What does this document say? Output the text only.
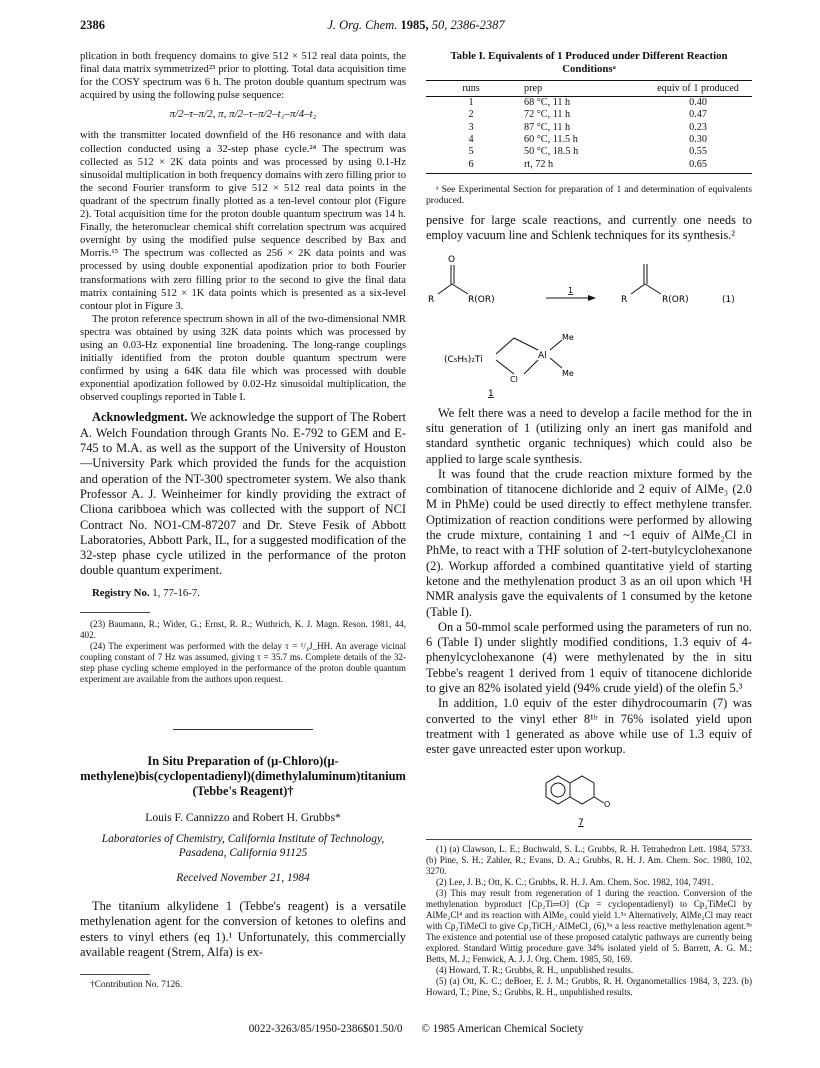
2386	J. Org. Chem. 1985, 50, 2386-2387

plication in both frequency domains to give 512 × 512 real data points, the final data matrix symmetrized²³ prior to plotting. Total data acquisition time for the COSY spectrum was 6 h. The proton double quantum spectrum was acquired by using the following pulse sequence:

π/2–τ–π/2, π, π/2–τ–π/2–t₁–π/4–t₂

with the transmitter located downfield of the H6 resonance and with data collection conducted using a 32-step phase cycle.²⁴ The spectrum was collected as 512 × 2K data points and was processed by using 0.1-Hz sinusoidal multiplication in both frequency domains with zero filling prior to the second Fourier transform to give 512 × 512 real data points in the quadrant of the spectrum finally plotted as a ten-level contour plot (Figure 2). Total acquisition time for the proton double quantum spectrum was 14 h. Finally, the heteronuclear chemical shift correlation spectrum was acquired overnight by using the modified pulse sequence described by Bax and Morris.¹⁵ The spectrum was collected as 256 × 2K data points and was processed by using double exponential apodization prior to both Fourier transformations with zero filling prior to the second to give the final data matrix containing 512 × 1K data points which is presented as a six-level contour plot in Figure 3.

The proton reference spectrum shown in all of the two-dimensional NMR spectra was obtained by using 32K data points which was processed by using an 0.03-Hz exponential line broadening. The long-range couplings initially identified from the proton double quantum spectrum were confirmed by using a 64K data file which was processed with double exponential apodization followed by 0.02-Hz sinusoidal multiplication, the observed couplings reported in Table I.

Acknowledgment. We acknowledge the support of The Robert A. Welch Foundation through Grants No. E-792 to GEM and E-745 to M.A. as well as the support of the University of Houston—University Park which provided the funds for the acquistion and operation of the NT-300 spectrometer system. We also thank Professor A. J. Weinheimer for kindly providing the extract of Cliona caribboea which was collected with the support of NCI Contract No. NO1-CM-87207 and Dr. Steve Fesik of Abbott Laboratories, Abbott Park, IL, for a suggested modification of the 32-step phase cycle utilized in the performance of the proton double quantum experiment.

Registry No. 1, 77-16-7.

(23) Baumann, R.; Wider, G.; Ernst, R. R.; Wuthrich, K. J. Magn. Reson. 1981, 44, 402.

(24) The experiment was performed with the delay τ = ¹/₄J_HH. An average vicinal coupling constant of 7 Hz was assumed, giving τ = 35.7 ms. Complete details of the 32-step phase cycling scheme employed in the performance of the proton double quantum experiment are available from the authors upon request.

In Situ Preparation of (μ-Chloro)(μ-methylene)bis(cyclopentadienyl)(dimethylaluminum)titanium (Tebbe's Reagent)†
Louis F. Cannizzo and Robert H. Grubbs*
Laboratories of Chemistry, California Institute of Technology, Pasadena, California 91125
Received November 21, 1984

The titanium alkylidene 1 (Tebbe's reagent) is a versatile methylenation agent for the conversion of ketones to olefins and esters to vinyl ethers (eq 1).¹ Unfortunately, this commercially available reagent (Strem, Alfa) is ex-

†Contribution No. 7126.

Table I. Equivalents of 1 Produced under Different Reaction Conditionsᵃ
runs	prep	equiv of 1 produced
1	68 °C, 11 h	0.40
2	72 °C, 11 h	0.47
3	87 °C, 11 h	0.23
4	60 °C, 11.5 h	0.30
5	50 °C, 18.5 h	0.55
6	rt, 72 h	0.65

ᵃ See Experimental Section for preparation of 1 and determination of equivalents produced.

pensive for large scale reactions, and currently one needs to employ vacuum line and Schlenk techniques for its synthesis.²

O
R	R(OR)
1
R	R(OR)	(1)
(C₅H₅)₂Ti
Cl
Al
Me
Me
1

We felt there was a need to develop a facile method for the in situ generation of 1 (utilizing only an inert gas manifold and standard synthetic organic techniques) which could also be applied to large scale synthesis.

It was found that the crude reaction mixture formed by the combination of titanocene dichloride and 2 equiv of AlMe₃ (2.0 M in PhMe) could be used directly to effect methylene transfer. Optimization of reaction conditions were performed by allowing the crude mixture, containing 1 and ~1 equiv of AlMe₂Cl in PhMe, to react with a THF solution of 2-tert-butylcyclohexanone (2). Workup afforded a combined quantitative yield of starting ketone and the methylenation product 3 as an oil upon which ¹H NMR analysis gave the equivalents of 1 consumed by the ketone (Table I).

On a 50-mmol scale performed using the parameters of run no. 6 (Table I) under slightly modified conditions, 1.3 equiv of 4-phenylcyclohexanone (4) were methylenated by the in situ Tebbe's reagent 1 derived from 1 equiv of titanocene dichloride to give an 82% isolated yield (94% crude yield) of the olefin 5.³

In addition, 1.0 equiv of the ester dihydrocoumarin (7) was converted to the vinyl ether 8¹ᵇ in 76% isolated yield upon treatment with 1 generated as above while use of 1.3 equiv of ester gave unreacted ester upon workup.

O
7

(1) (a) Clawson, L. E.; Buchwald, S. L.; Grubbs, R. H. Tetrahedron Lett. 1984, 5733. (b) Pine, S. H.; Zahler, R.; Evans, D. A.; Grubbs, R. H. J. Am. Chem. Soc. 1980, 102, 3270.

(2) Lee, J. B.; Ott, K. C.; Grubbs, R. H. J. Am. Chem. Soc. 1982, 104, 7491.

(3) This may result from regeneration of 1 during the reaction. Conversion of the methylenation byproduct [Cp₂Ti═O] (Cp = cyclopentadienyl) to Cp₂TiMeCl by AlMe₂Cl⁴ and its reaction with AlMe₃ could yield 1.⁵ᵃ Alternatively, AlMe₂Cl may react with Cp₂TiMeCl to give Cp₂TiCH₂·AlMeCl₂ (6),⁵ᵃ a less reactive methylenation agent.⁵ᵇ The existence and potential use of these proposed catalytic pathways are currently being explored. Standard Wittig procedure gave 34% isolated yield of 5. Barrett, A. G. M.; Betts, M. J.; Fenwick, A. J. J. Org. Chem. 1985, 50, 169.

(4) Howard, T. R.; Grubbs, R. H., unpublished results.

(5) (a) Ott, K. C.; deBoer, E. J. M.; Grubbs, R. H. Organometallics 1984, 3, 223. (b) Howard, T.; Pine, S.; Grubbs, R. H., unpublished results.

0022-3263/85/1950-2386$01.50/0 © 1985 American Chemical Society
